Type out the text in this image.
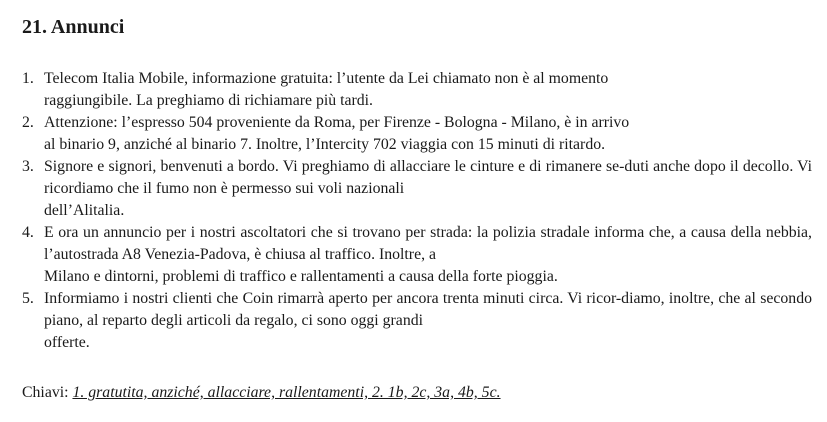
21. Annunci
1. Telecom Italia Mobile, informazione gratuita: l’utente da Lei chiamato non è al momento
raggiungibile. La preghiamo di richiamare più tardi.
2. Attenzione: l’espresso 504 proveniente da Roma, per Firenze - Bologna - Milano, è in arrivo
al binario 9, anziché al binario 7. Inoltre, l’Intercity 702 viaggia con 15 minuti di ritardo.
3. Signore e signori, benvenuti a bordo. Vi preghiamo di allacciare le cinture e di rimanere se-duti anche dopo il decollo. Vi ricordiamo che il fumo non è permesso sui voli nazionali
dell’Alitalia.
4. E ora un annuncio per i nostri ascoltatori che si trovano per strada: la polizia stradale informa che, a causa della nebbia, l’autostrada A8 Venezia-Padova, è chiusa al traffico. Inoltre, a
Milano e dintorni, problemi di traffico e rallentamenti a causa della forte pioggia.
5. Informiamo i nostri clienti che Coin rimarrà aperto per ancora trenta minuti circa. Vi ricor-diamo, inoltre, che al secondo piano, al reparto degli articoli da regalo, ci sono oggi grandi
offerte.
Chiavi: 1. gratutita, anziché, allacciare, rallentamenti, 2. 1b, 2c, 3a, 4b, 5c.
